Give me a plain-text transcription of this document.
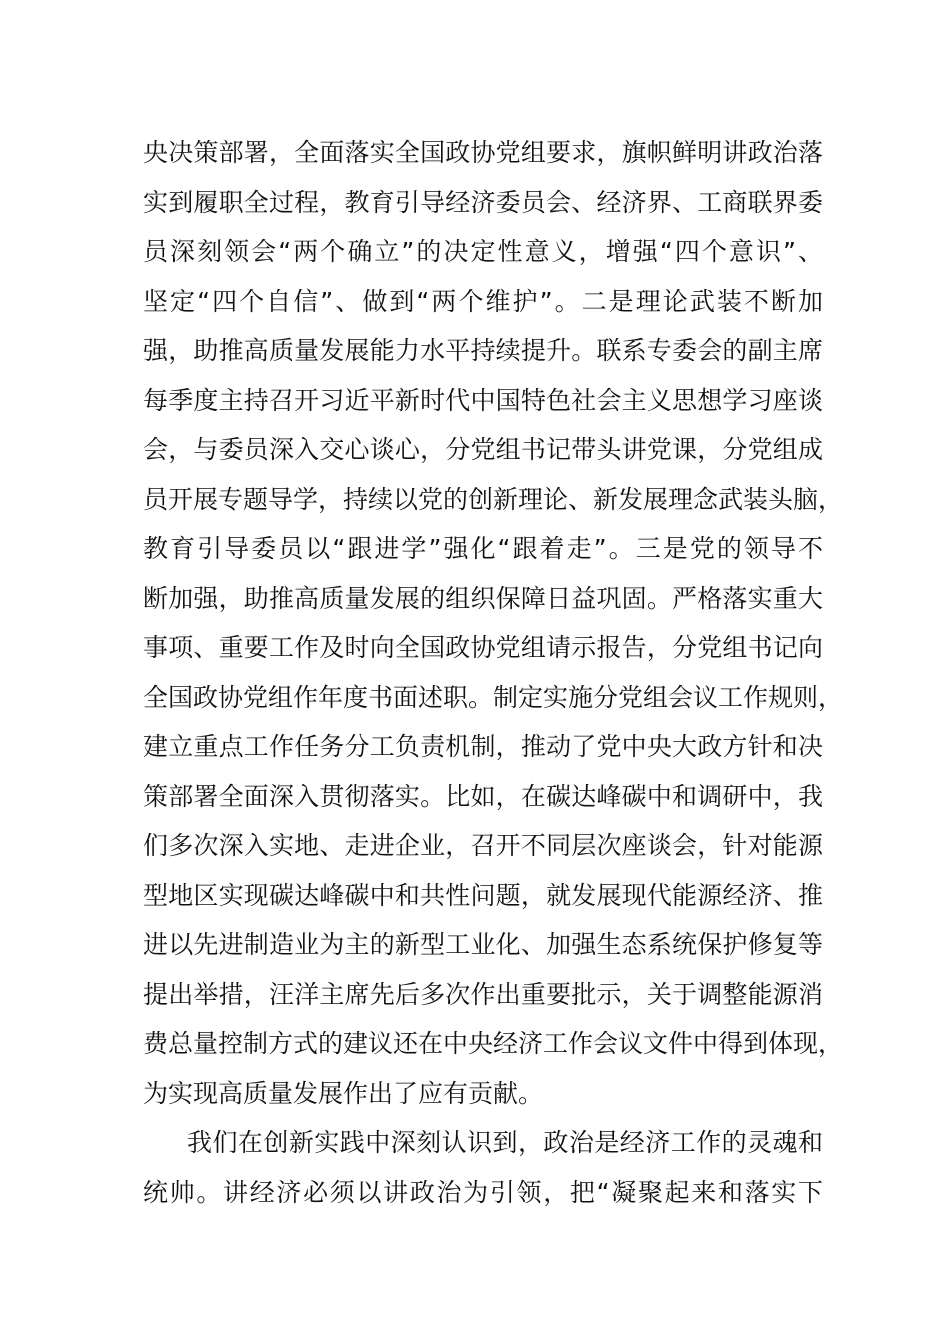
央决策部署，全面落实全国政协党组要求，旗帜鲜明讲政治落
实到履职全过程，教育引导经济委员会、经济界、工商联界委
员深刻领会“两个确立”的决定性意义，增强“四个意识”、
坚定“四个自信”、做到“两个维护”。二是理论武装不断加
强，助推高质量发展能力水平持续提升。联系专委会的副主席
每季度主持召开习近平新时代中国特色社会主义思想学习座谈
会，与委员深入交心谈心，分党组书记带头讲党课，分党组成
员开展专题导学，持续以党的创新理论、新发展理念武装头脑，
教育引导委员以“跟进学”强化“跟着走”。三是党的领导不
断加强，助推高质量发展的组织保障日益巩固。严格落实重大
事项、重要工作及时向全国政协党组请示报告，分党组书记向
全国政协党组作年度书面述职。制定实施分党组会议工作规则，
建立重点工作任务分工负责机制，推动了党中央大政方针和决
策部署全面深入贯彻落实。比如，在碳达峰碳中和调研中，我
们多次深入实地、走进企业，召开不同层次座谈会，针对能源
型地区实现碳达峰碳中和共性问题，就发展现代能源经济、推
进以先进制造业为主的新型工业化、加强生态系统保护修复等
提出举措，汪洋主席先后多次作出重要批示，关于调整能源消
费总量控制方式的建议还在中央经济工作会议文件中得到体现，
为实现高质量发展作出了应有贡献。
我们在创新实践中深刻认识到，政治是经济工作的灵魂和
统帅。讲经济必须以讲政治为引领，把“凝聚起来和落实下
